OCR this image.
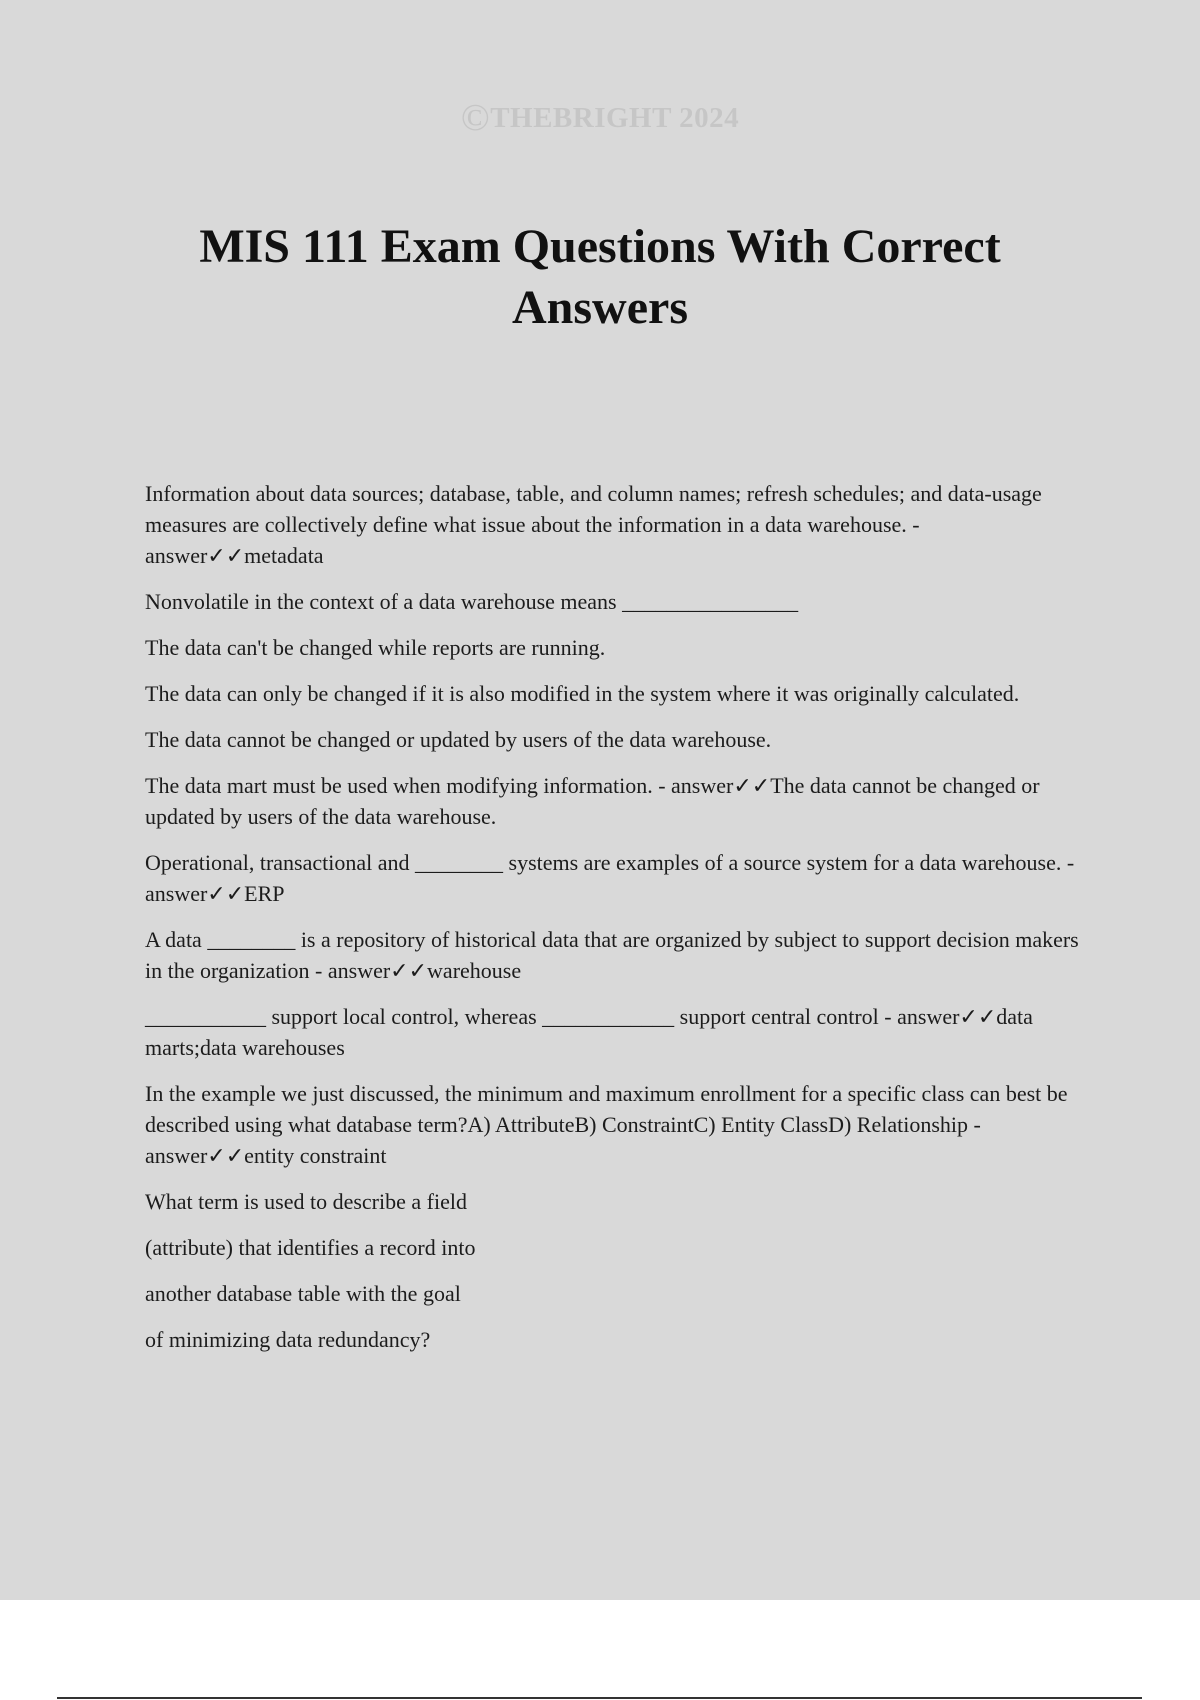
©THEBRIGHT 2024
MIS 111 Exam Questions With Correct
Answers

Information about data sources; database, table, and column names; refresh schedules; and data-usage measures are collectively define what issue about the information in a data warehouse. - answer✓✓metadata

Nonvolatile in the context of a data warehouse means ________________

The data can't be changed while reports are running.

The data can only be changed if it is also modified in the system where it was originally calculated.

The data cannot be changed or updated by users of the data warehouse.

The data mart must be used when modifying information. - answer✓✓The data cannot be changed or updated by users of the data warehouse.

Operational, transactional and ________ systems are examples of a source system for a data warehouse. - answer✓✓ERP

A data ________ is a repository of historical data that are organized by subject to support decision makers in the organization - answer✓✓warehouse

___________ support local control, whereas ____________ support central control - answer✓✓data marts;data warehouses

In the example we just discussed, the minimum and maximum enrollment for a specific class can best be described using what database term?A) AttributeB) ConstraintC) Entity ClassD) Relationship - answer✓✓entity constraint

What term is used to describe a field

(attribute) that identifies a record into

another database table with the goal

of minimizing data redundancy?
